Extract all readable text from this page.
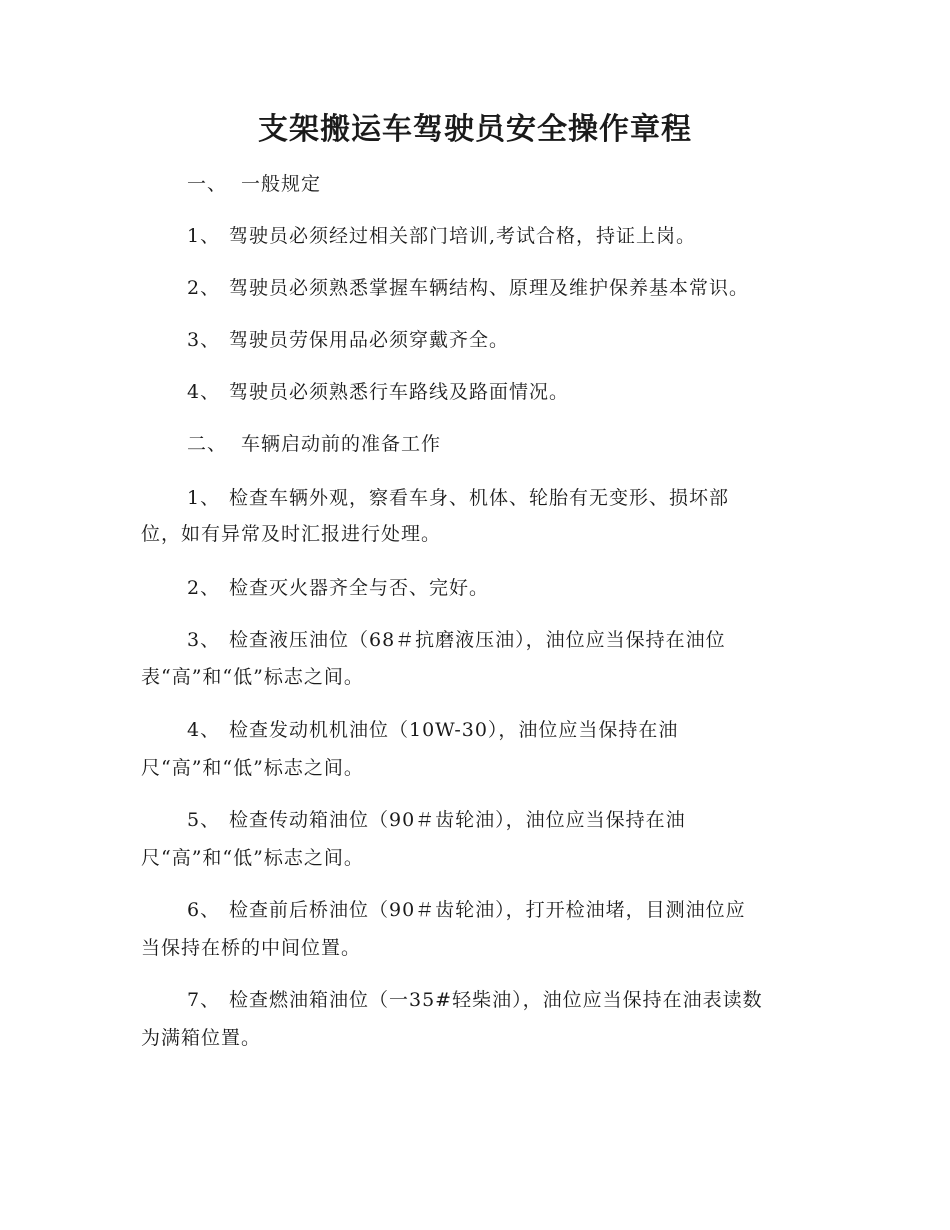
支架搬运车驾驶员安全操作章程
一、 一般规定
1、 驾驶员必须经过相关部门培训,考试合格，持证上岗。
2、 驾驶员必须熟悉掌握车辆结构、原理及维护保养基本常识。
3、 驾驶员劳保用品必须穿戴齐全。
4、 驾驶员必须熟悉行车路线及路面情况。
二、 车辆启动前的准备工作
1、 检查车辆外观，察看车身、机体、轮胎有无变形、损坏部
位，如有异常及时汇报进行处理。
2、 检查灭火器齐全与否、完好。
3、 检查液压油位（68＃抗磨液压油），油位应当保持在油位
表“高”和“低”标志之间。
4、 检查发动机机油位（10W-30），油位应当保持在油
尺“高”和“低”标志之间。
5、 检查传动箱油位（90＃齿轮油），油位应当保持在油
尺“高”和“低”标志之间。
6、 检查前后桥油位（90＃齿轮油），打开检油堵，目测油位应
当保持在桥的中间位置。
7、 检查燃油箱油位（一35#轻柴油），油位应当保持在油表读数
为满箱位置。
